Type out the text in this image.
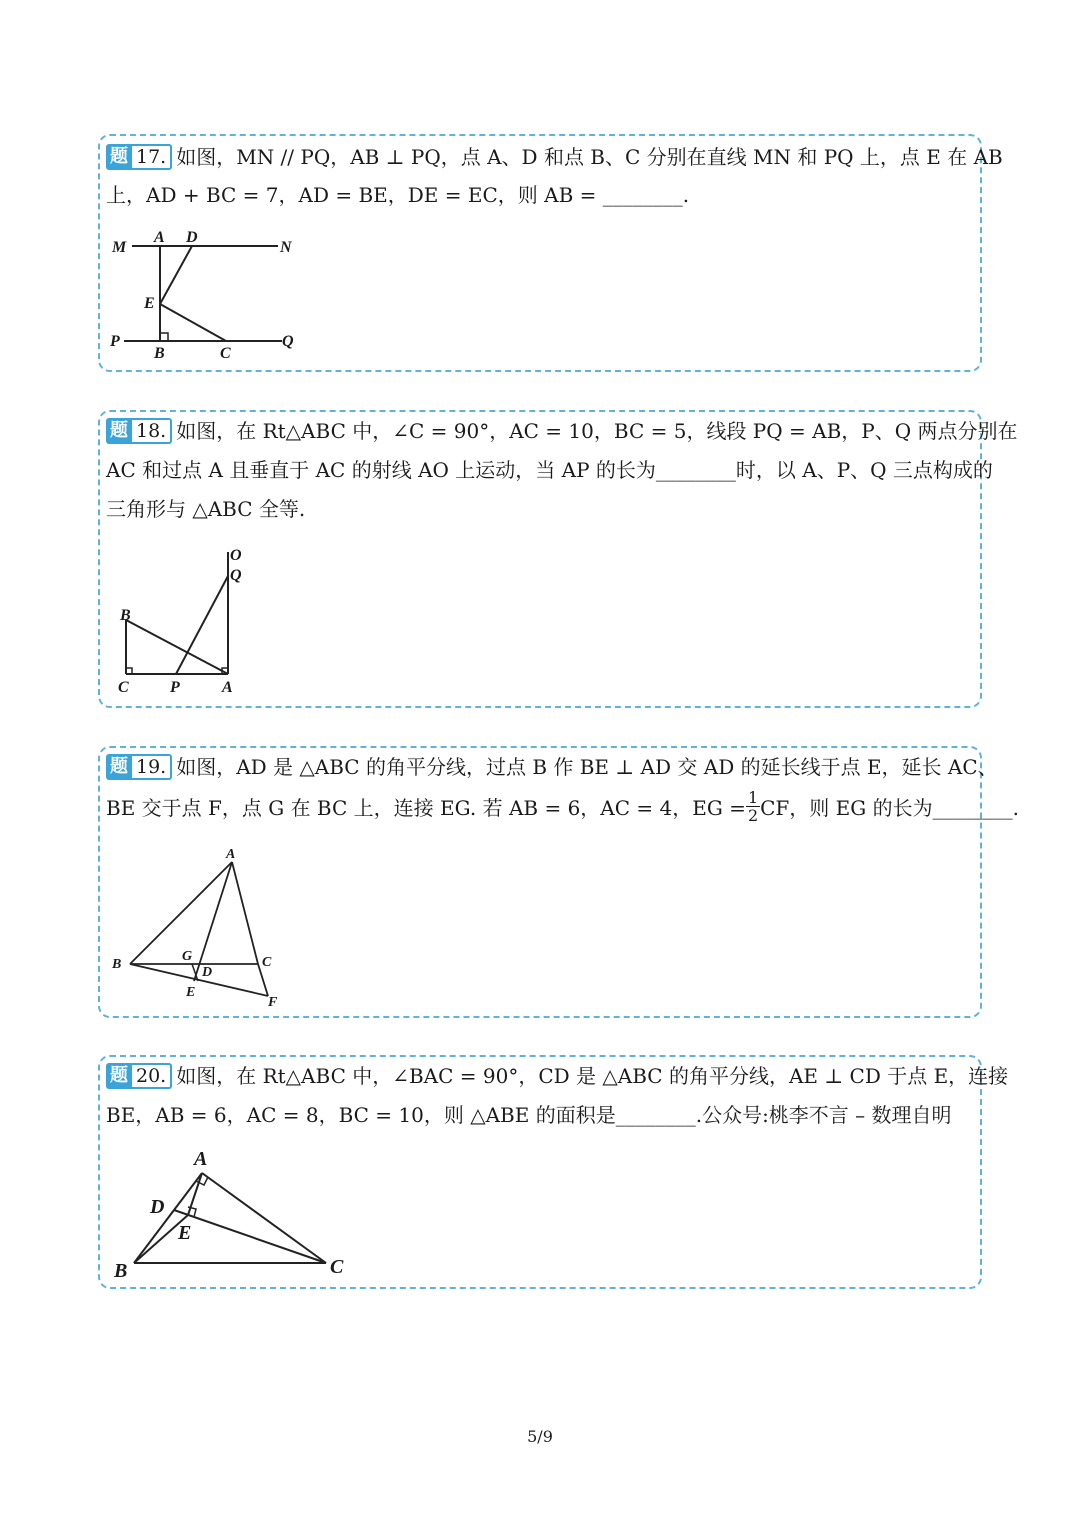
题 17. 如图，MN // PQ，AB ⊥ PQ，点 A、D 和点 B、C 分别在直线 MN 和 PQ 上，点 E 在 AB
上，AD + BC = 7，AD = BE，DE = EC，则 AB = ________.
M
A D
N
E
P
B	C
Q
题 18. 如图，在 Rt△ABC 中，∠C = 90°，AC = 10，BC = 5，线段 PQ = AB，P、Q 两点分别在
AC 和过点 A 且垂直于 AC 的射线 AO 上运动，当 AP 的长为________时，以 A、P、Q 三点构成的
三角形与 △ABC 全等.
O
Q
B
C	P	A
题 19. 如图，AD 是 △ABC 的角平分线，过点 B 作 BE ⊥ AD 交 AD 的延长线于点 E，延长 AC、
BE 交于点 F，点 G 在 BC 上，连接 EG. 若 AB = 6，AC = 4，EG = $\frac{1}{2}$ CF，则 EG 的长为________.
A
B
G
D
C
E
F
题 20. 如图，在 Rt△ABC 中，∠BAC = 90°，CD 是 △ABC 的角平分线，AE ⊥ CD 于点 E，连接
BE，AB = 6，AC = 8，BC = 10，则 △ABE 的面积是________.公众号:桃李不言 – 数理自明
A
D
E
B	C
5/9
